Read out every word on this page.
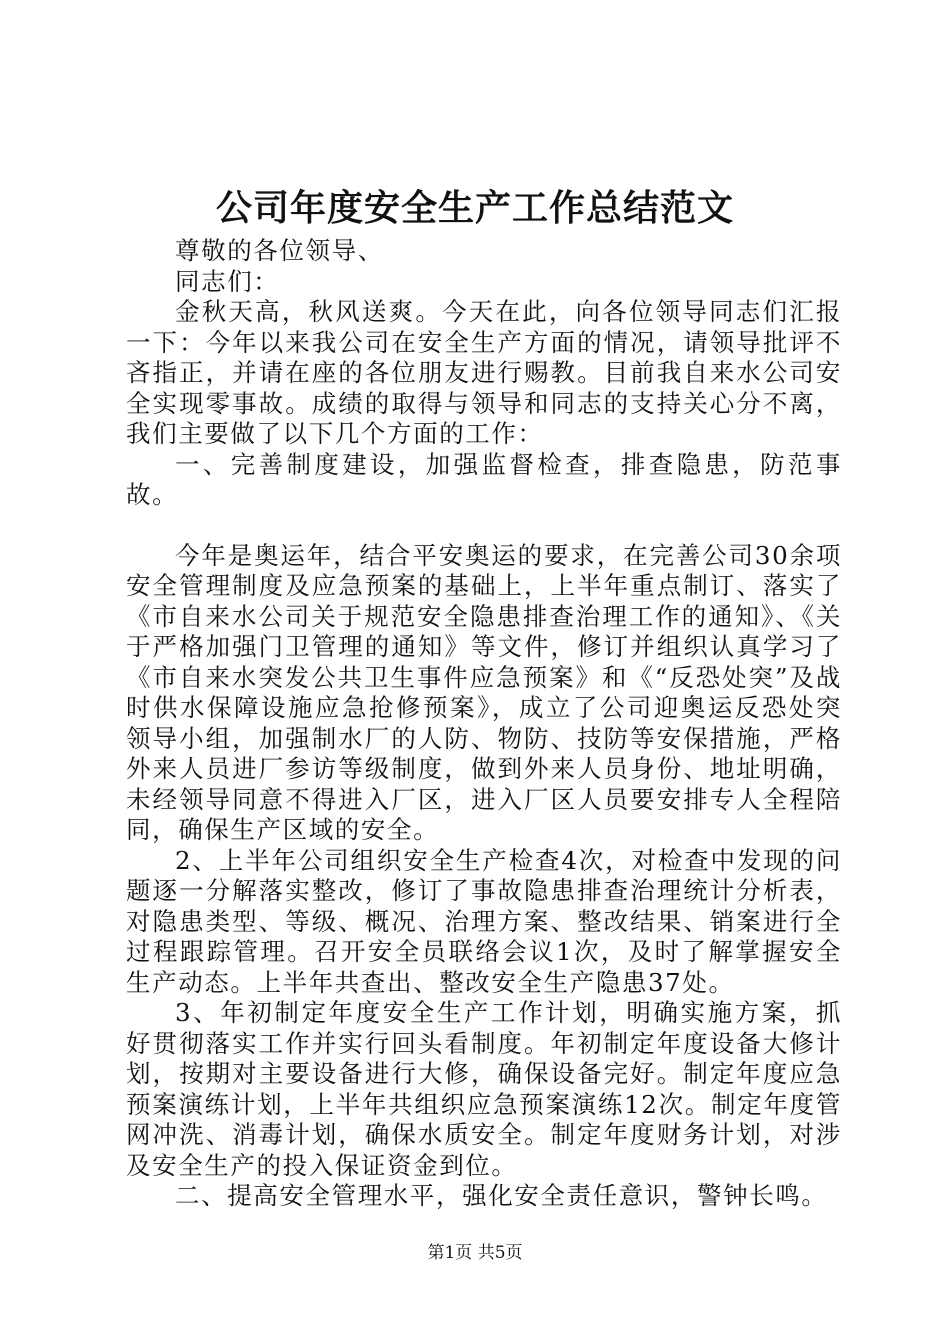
公司年度安全生产工作总结范文

尊敬的各位领导、

同志们：

金秋天高，秋风送爽。今天在此，向各位领导同志们汇报一下：今年以来我公司在安全生产方面的情况，请领导批评不吝指正，并请在座的各位朋友进行赐教。目前我自来水公司安全实现零事故。成绩的取得与领导和同志的支持关心分不离，我们主要做了以下几个方面的工作：

一、完善制度建设，加强监督检查，排查隐患，防范事故。

今年是奥运年，结合平安奥运的要求，在完善公司30余项安全管理制度及应急预案的基础上，上半年重点制订、落实了《市自来水公司关于规范安全隐患排查治理工作的通知》、《关于严格加强门卫管理的通知》等文件，修订并组织认真学习了《市自来水突发公共卫生事件应急预案》和《“反恐处突”及战时供水保障设施应急抢修预案》，成立了公司迎奥运反恐处突领导小组，加强制水厂的人防、物防、技防等安保措施，严格外来人员进厂参访等级制度，做到外来人员身份、地址明确，未经领导同意不得进入厂区，进入厂区人员要安排专人全程陪同，确保生产区域的安全。

2、上半年公司组织安全生产检查4次，对检查中发现的问题逐一分解落实整改，修订了事故隐患排查治理统计分析表，对隐患类型、等级、概况、治理方案、整改结果、销案进行全过程跟踪管理。召开安全员联络会议1次，及时了解掌握安全生产动态。上半年共查出、整改安全生产隐患37处。

3、年初制定年度安全生产工作计划，明确实施方案，抓好贯彻落实工作并实行回头看制度。年初制定年度设备大修计划，按期对主要设备进行大修，确保设备完好。制定年度应急预案演练计划，上半年共组织应急预案演练12次。制定年度管网冲洗、消毒计划，确保水质安全。制定年度财务计划，对涉及安全生产的投入保证资金到位。

二、提高安全管理水平，强化安全责任意识，警钟长鸣。

第1页 共5页
